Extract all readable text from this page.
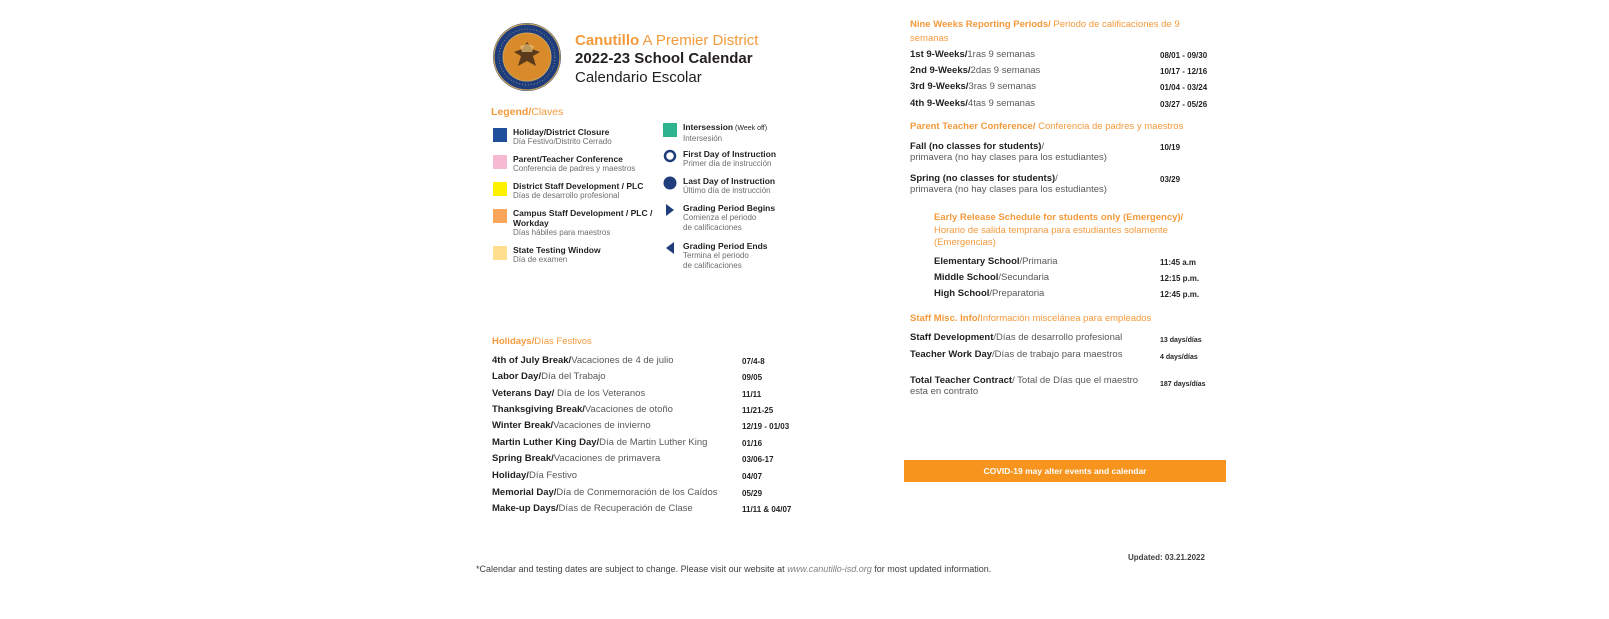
Canutillo A Premier District
2022-23 School Calendar
Calendario Escolar
Legend/Claves
Holiday/District Closure
Día Festivo/Distrito Cerrado
Parent/Teacher Conference
Conferencia de padres y maestros
District Staff Development / PLC
Días de desarrollo profesional
Campus Staff Development / PLC / Workday
Días hábiles para maestros
State Testing Window
Día de examen
Intersession (Week off)
Intersesión
First Day of Instruction
Primer día de instrucción
Last Day of Instruction
Último día de instrucción
Grading Period Begins
Comienza el periodo
de calificaciones
Grading Period Ends
Termina el periodo
de calificaciones
Holidays/Días Festivos
4th of July Break/Vacaciones de 4 de julio	07/4-8
Labor Day/Día del Trabajo	09/05
Veterans Day/ Día de los Veteranos	11/11
Thanksgiving Break/Vacaciones de otoño	11/21-25
Winter Break/Vacaciones de invierno	12/19 - 01/03
Martin Luther King Day/Día de Martin Luther King	01/16
Spring Break/Vacaciones de primavera	03/06-17
Holiday/Día Festivo	04/07
Memorial Day/Día de Conmemoración de los Caídos	05/29
Make-up Days/Días de Recuperación de Clase	11/11 & 04/07
Nine Weeks Reporting Periods/ Periodo de calificaciones de 9
semanas
1st 9-Weeks/1ras 9 semanas	08/01 - 09/30
2nd 9-Weeks/2das 9 semanas	10/17 - 12/16
3rd 9-Weeks/3ras 9 semanas	01/04 - 03/24
4th 9-Weeks/4tas 9 semanas	03/27 - 05/26
Parent Teacher Conference/ Conferencia de padres y maestros
Fall (no classes for students)/
primavera (no hay clases para los estudiantes)
10/19
Spring (no classes for students)/
primavera (no hay clases para los estudiantes)
03/29
Early Release Schedule for students only (Emergency)/
Horario de salida temprana para estudiantes solamente
(Emergencias)
Elementary School/Primaria	11:45 a.m
Middle School/Secundaria	12:15 p.m.
High School/Preparatoria	12:45 p.m.
Staff Misc. Info/Información miscelánea para empleados
Staff Development/Días de desarrollo profesional	13 days/días
Teacher Work Day/Días de trabajo para maestros	4 days/días
Total Teacher Contract/ Total de Días que el maestro
esta en contrato
187 days/días
COVID-19 may alter events and calendar
Updated: 03.21.2022
*Calendar and testing dates are subject to change. Please visit our website at www.canutillo-isd.org for most updated information.
